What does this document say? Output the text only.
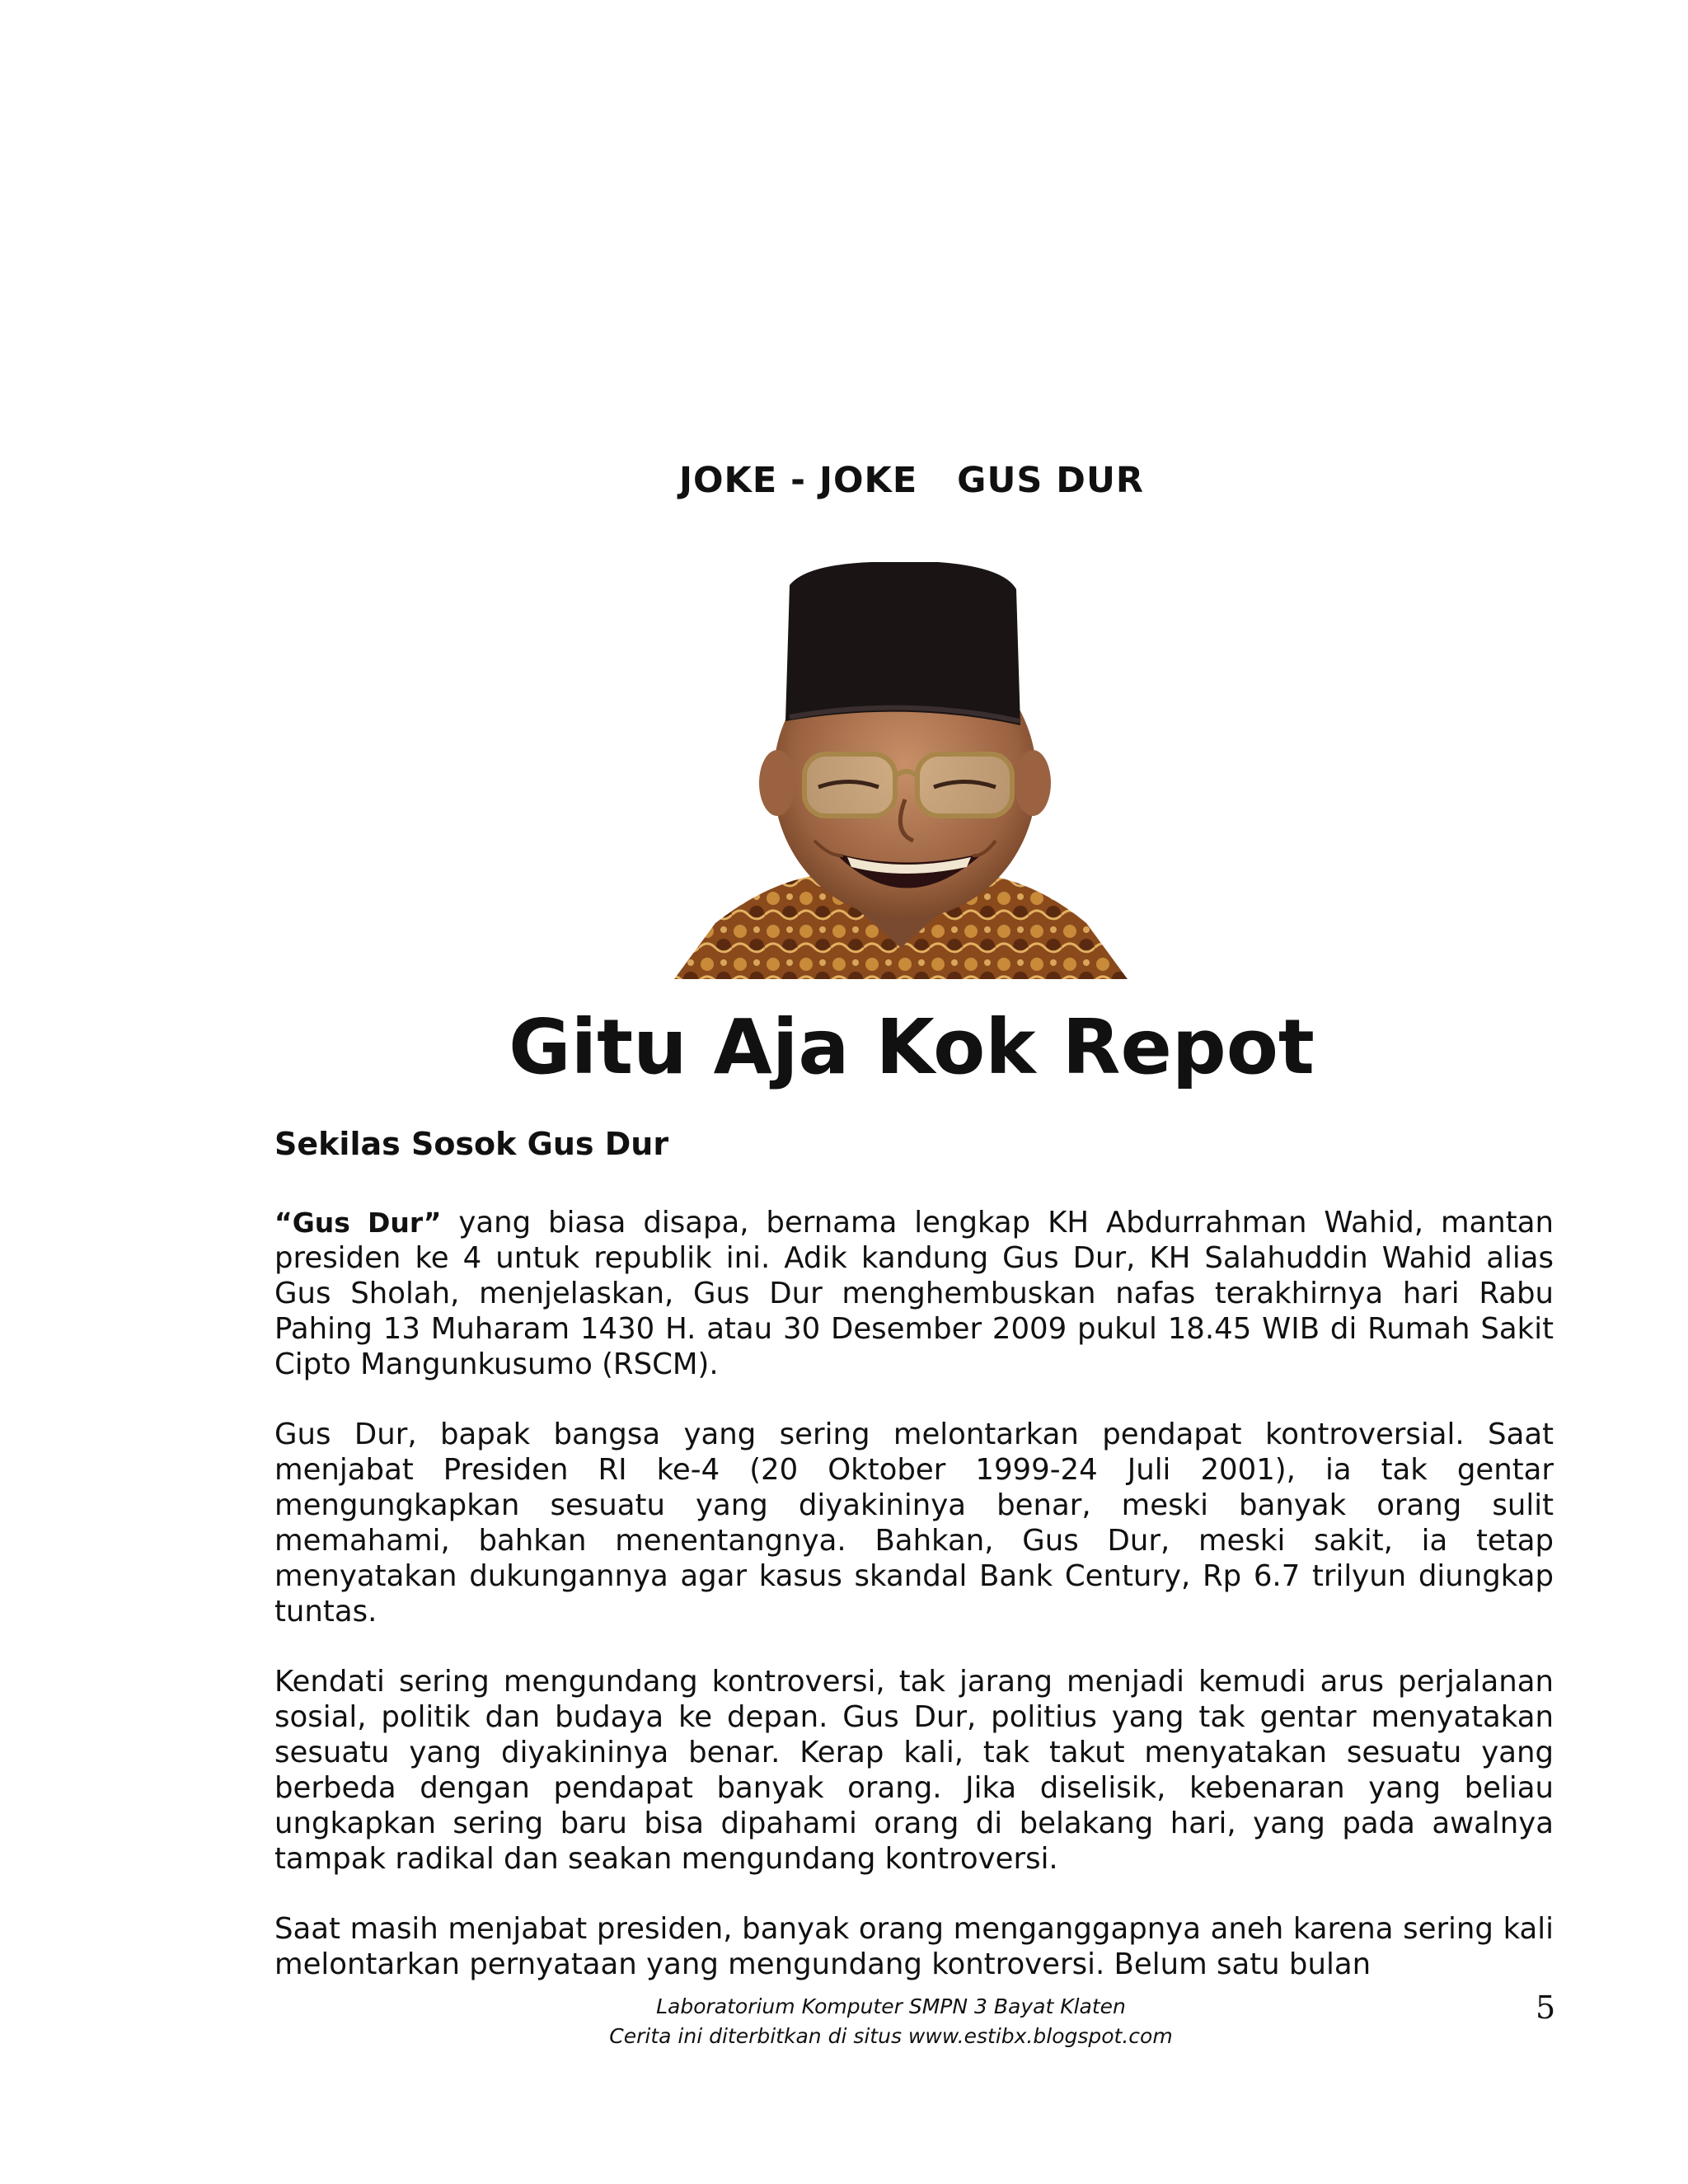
JOKE - JOKE   GUS DUR
Gitu Aja Kok Repot
Sekilas Sosok Gus Dur

“Gus Dur” yang biasa disapa, bernama lengkap KH Abdurrahman Wahid, mantan presiden ke 4 untuk republik ini. Adik kandung Gus Dur, KH Salahuddin Wahid alias Gus Sholah, menjelaskan, Gus Dur menghembuskan nafas terakhirnya hari Rabu Pahing 13 Muharam 1430 H. atau 30 Desember 2009 pukul 18.45 WIB di Rumah Sakit Cipto Mangunkusumo (RSCM).

Gus Dur, bapak bangsa yang sering melontarkan pendapat kontroversial. Saat menjabat Presiden RI ke-4 (20 Oktober 1999-24 Juli 2001), ia tak gentar mengungkapkan sesuatu yang diyakininya benar, meski banyak orang sulit memahami, bahkan menentangnya. Bahkan, Gus Dur, meski sakit, ia tetap menyatakan dukungannya agar kasus skandal Bank Century, Rp 6.7 trilyun diungkap tuntas.

Kendati sering mengundang kontroversi, tak jarang menjadi kemudi arus perjalanan sosial, politik dan budaya ke depan. Gus Dur, politius yang tak gentar menyatakan sesuatu yang diyakininya benar. Kerap kali, tak takut menyatakan sesuatu yang berbeda dengan pendapat banyak orang. Jika diselisik, kebenaran yang beliau ungkapkan sering baru bisa dipahami orang di belakang hari, yang pada awalnya tampak radikal dan seakan mengundang kontroversi.

Saat masih menjabat presiden, banyak orang menganggapnya aneh karena sering kali melontarkan pernyataan yang mengundang kontroversi. Belum satu bulan

Laboratorium Komputer SMPN 3 Bayat Klaten
Cerita ini diterbitkan di situs www.estibx.blogspot.com
5
